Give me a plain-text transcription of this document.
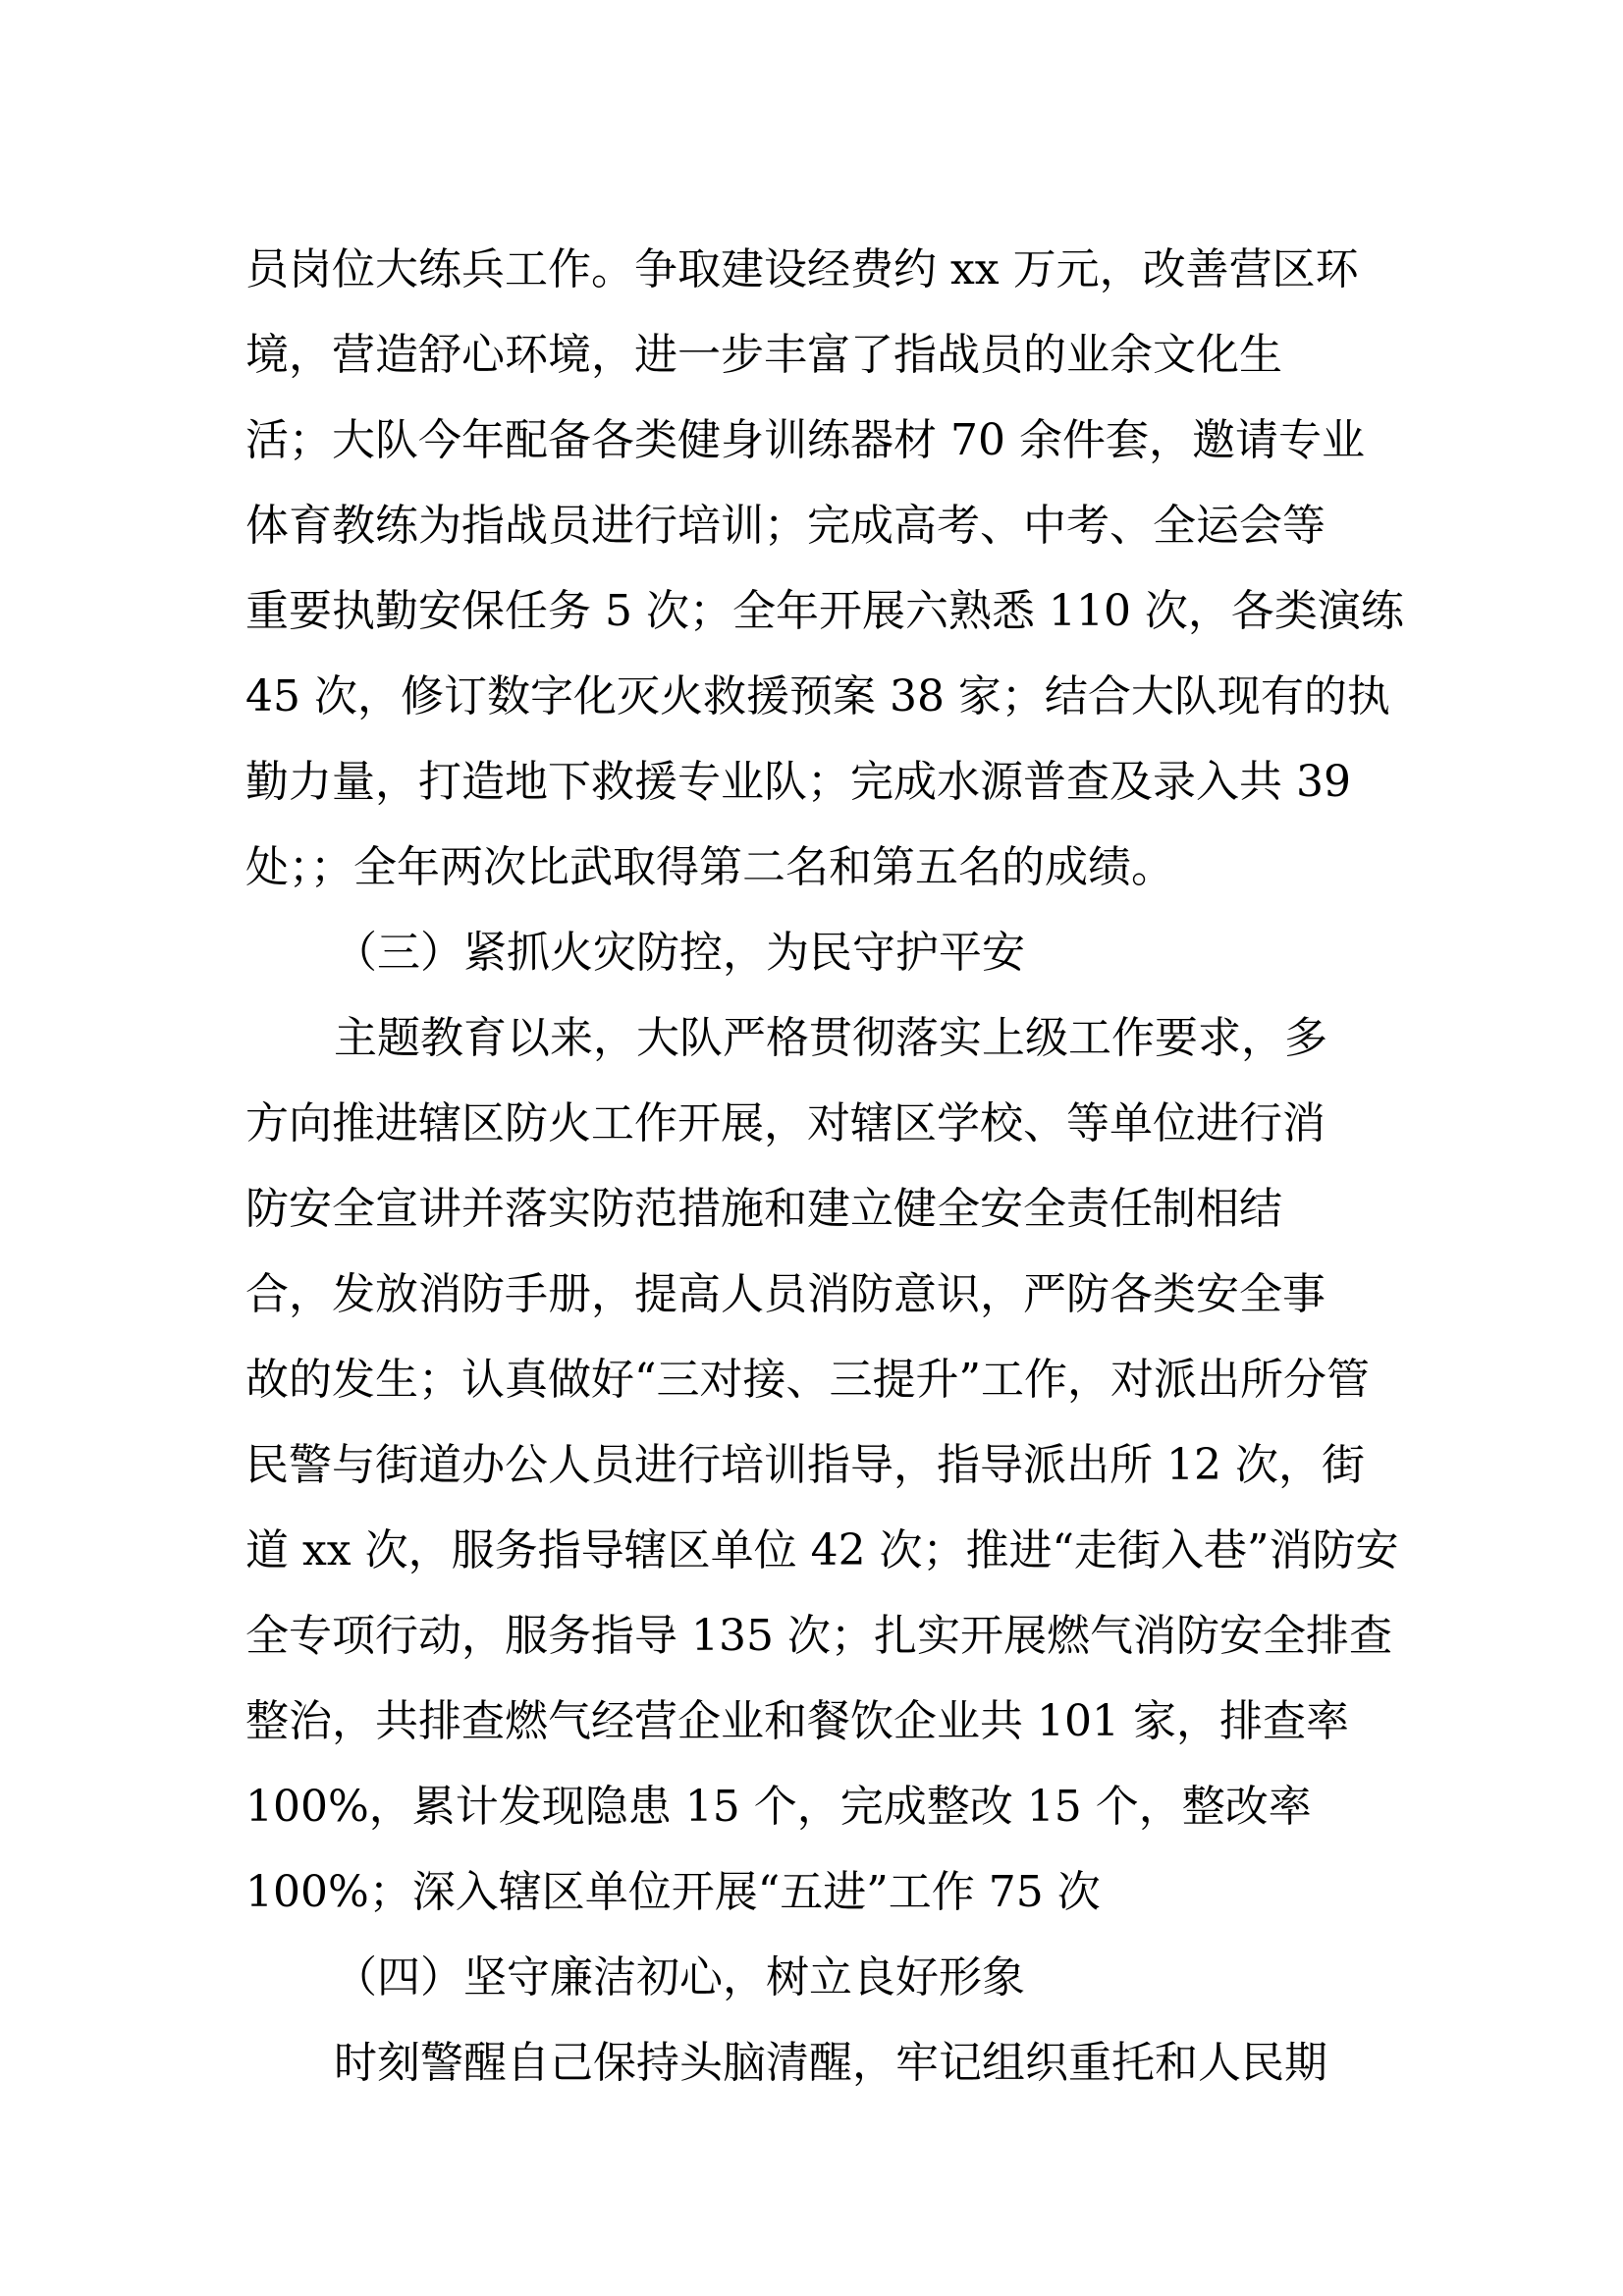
员岗位大练兵工作。争取建设经费约 xx 万元，改善营区环
境，营造舒心环境，进一步丰富了指战员的业余文化生
活；大队今年配备各类健身训练器材 70 余件套，邀请专业
体育教练为指战员进行培训；完成高考、中考、全运会等
重要执勤安保任务 5 次；全年开展六熟悉 110 次，各类演练
45 次，修订数字化灭火救援预案 38 家；结合大队现有的执
勤力量，打造地下救援专业队；完成水源普查及录入共 39
处；；全年两次比武取得第二名和第五名的成绩。
（三）紧抓火灾防控，为民守护平安
主题教育以来，大队严格贯彻落实上级工作要求，多
方向推进辖区防火工作开展，对辖区学校、等单位进行消
防安全宣讲并落实防范措施和建立健全安全责任制相结
合，发放消防手册，提高人员消防意识，严防各类安全事
故的发生；认真做好“三对接、三提升”工作，对派出所分管
民警与街道办公人员进行培训指导，指导派出所 12 次，街
道 xx 次，服务指导辖区单位 42 次；推进“走街入巷”消防安
全专项行动，服务指导 135 次；扎实开展燃气消防安全排查
整治，共排查燃气经营企业和餐饮企业共 101 家，排查率
100%，累计发现隐患 15 个，完成整改 15 个，整改率
100%；深入辖区单位开展“五进”工作 75 次
（四）坚守廉洁初心，树立良好形象
时刻警醒自己保持头脑清醒，牢记组织重托和人民期
